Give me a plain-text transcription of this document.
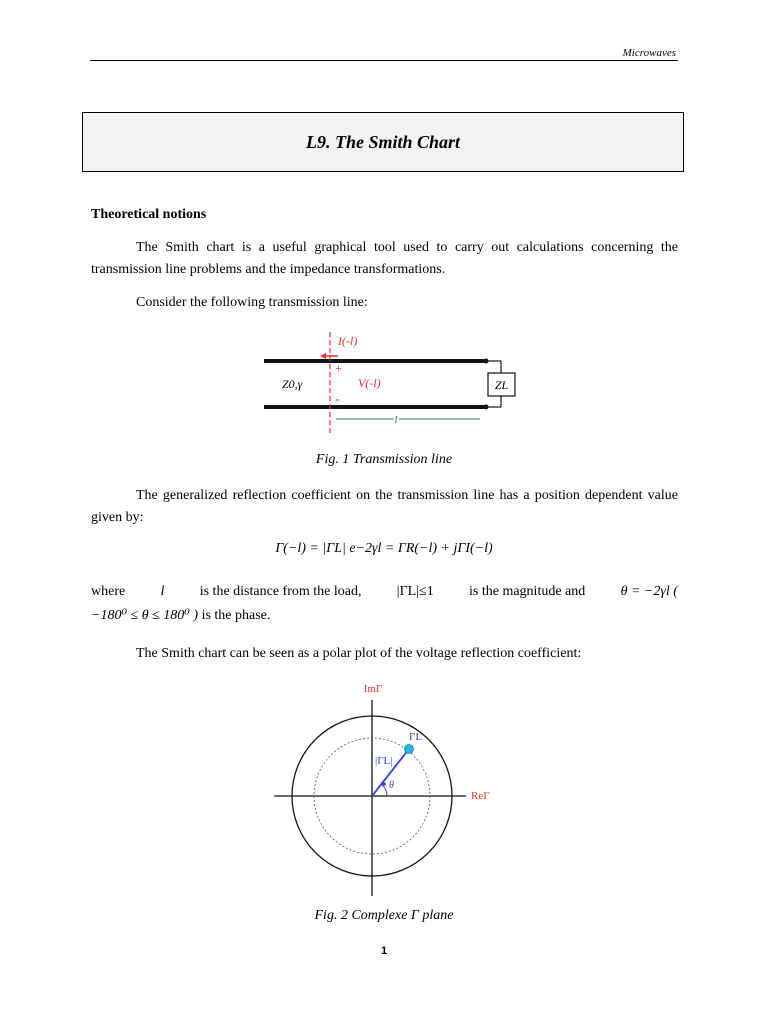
Microwaves
L9. The Smith Chart
Theoretical notions
The Smith chart is a useful graphical tool used to carry out calculations concerning the transmission line problems and the impedance transformations.
Consider the following transmission line:
ZL
I(-l)
+
-
V(-l)
Z0,γ
l
Fig. 1 Transmission line
The generalized reflection coefficient on the transmission line has a position dependent value given by:
Γ(−l) = |ΓL| e−2γl = ΓR(−l) + jΓI(−l)
where	l	is the distance from the load,	|ΓL|≤1	is the magnitude and	θ = −2γl (
−180⁰ ≤ θ ≤ 180⁰ ) is the phase.
The Smith chart can be seen as a polar plot of the voltage reflection coefficient:
ImΓ
ReΓ
ΓL
|ΓL|
θ
Fig. 2 Complexe Γ plane
1
